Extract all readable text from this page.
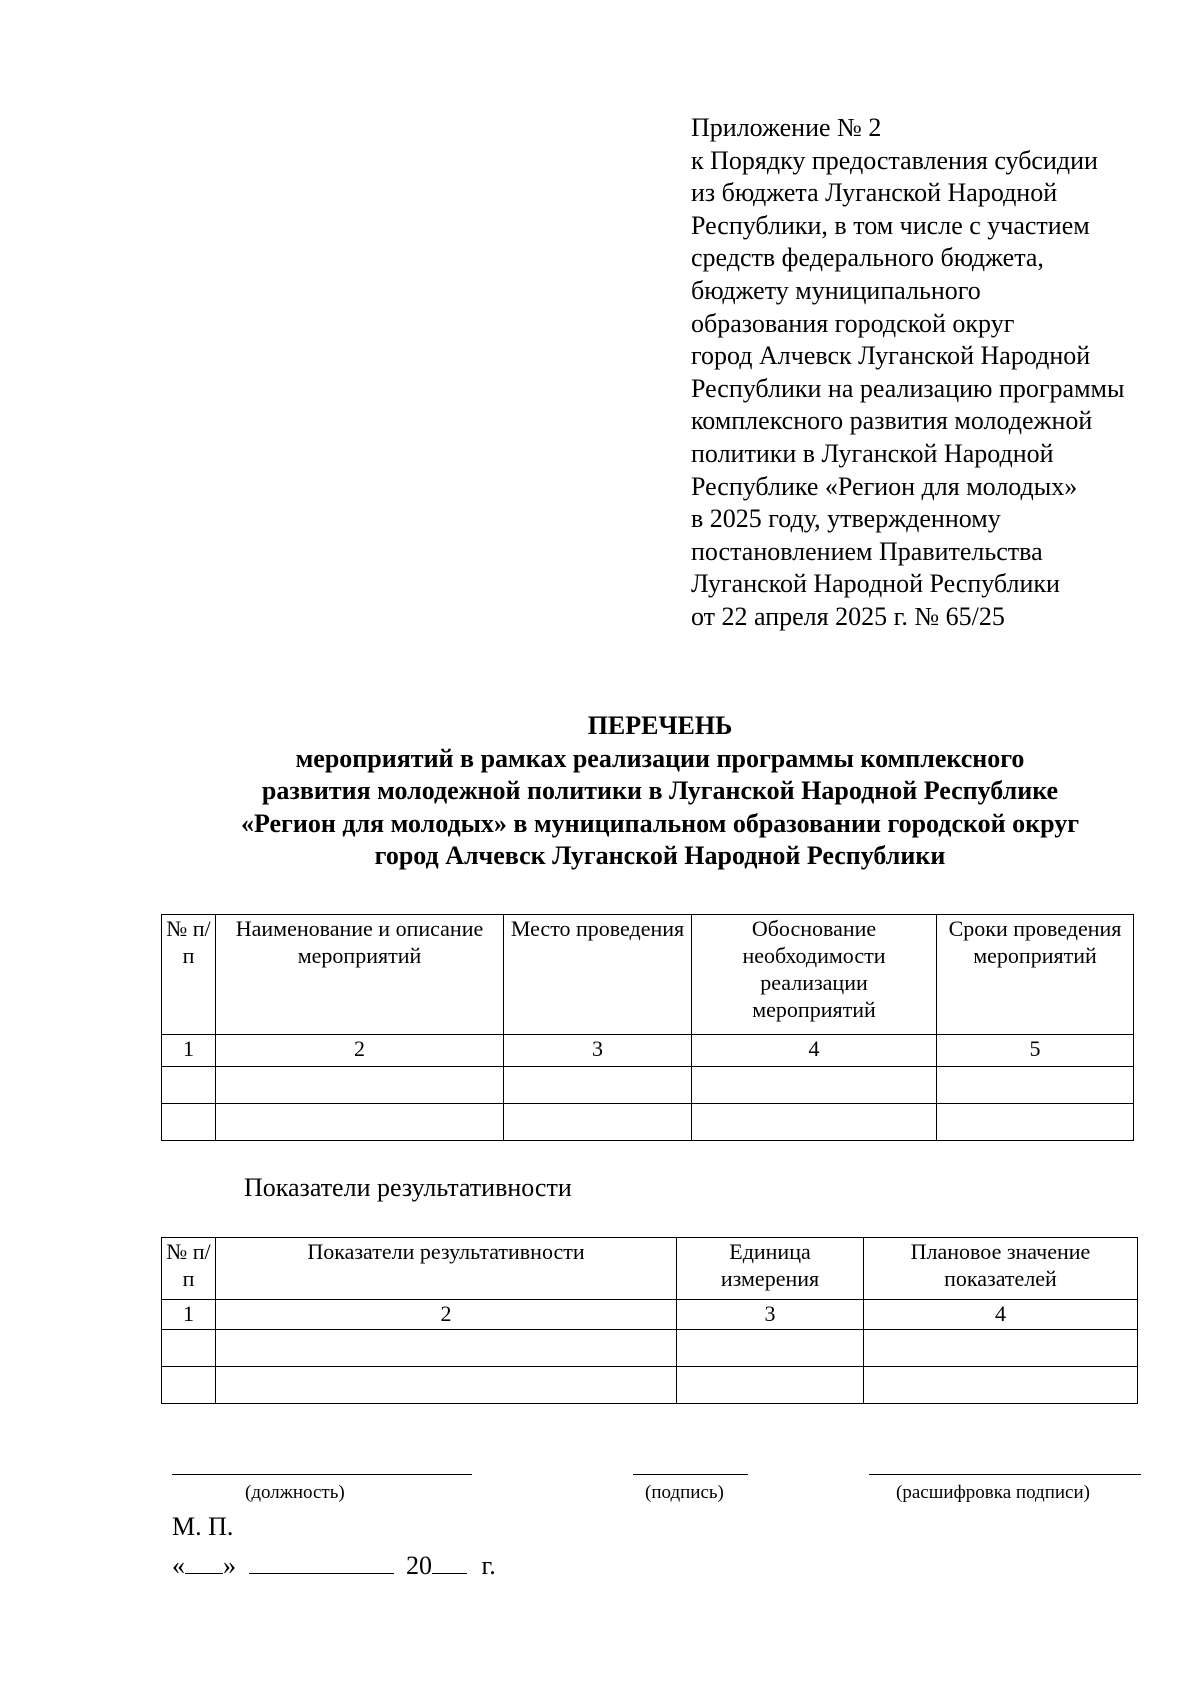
Приложение № 2
к Порядку предоставления субсидии
из бюджета Луганской Народной
Республики, в том числе с участием
средств федерального бюджета,
бюджету муниципального
образования городской округ
город Алчевск Луганской Народной
Республики на реализацию программы
комплексного развития молодежной
политики в Луганской Народной
Республике «Регион для молодых»
в 2025 году, утвержденному
постановлением Правительства
Луганской Народной Республики
от 22 апреля 2025 г. № 65/25
ПЕРЕЧЕНЬ
мероприятий в рамках реализации программы комплексного
развития молодежной политики в Луганской Народной Республике
«Регион для молодых» в муниципальном образовании городской округ
город Алчевск Луганской Народной Республики
№ п/п	Наименование и описание мероприятий	Место проведения	Обоснование необходимости реализации мероприятий	Сроки проведения мероприятий
1	2	3	4	5

Показатели результативности
№ п/п	Показатели результативности	Единица измерения	Плановое значение показателей
1	2	3	4

(должность)	(подпись)	(расшифровка подписи)
М. П.
« »	20 г.
